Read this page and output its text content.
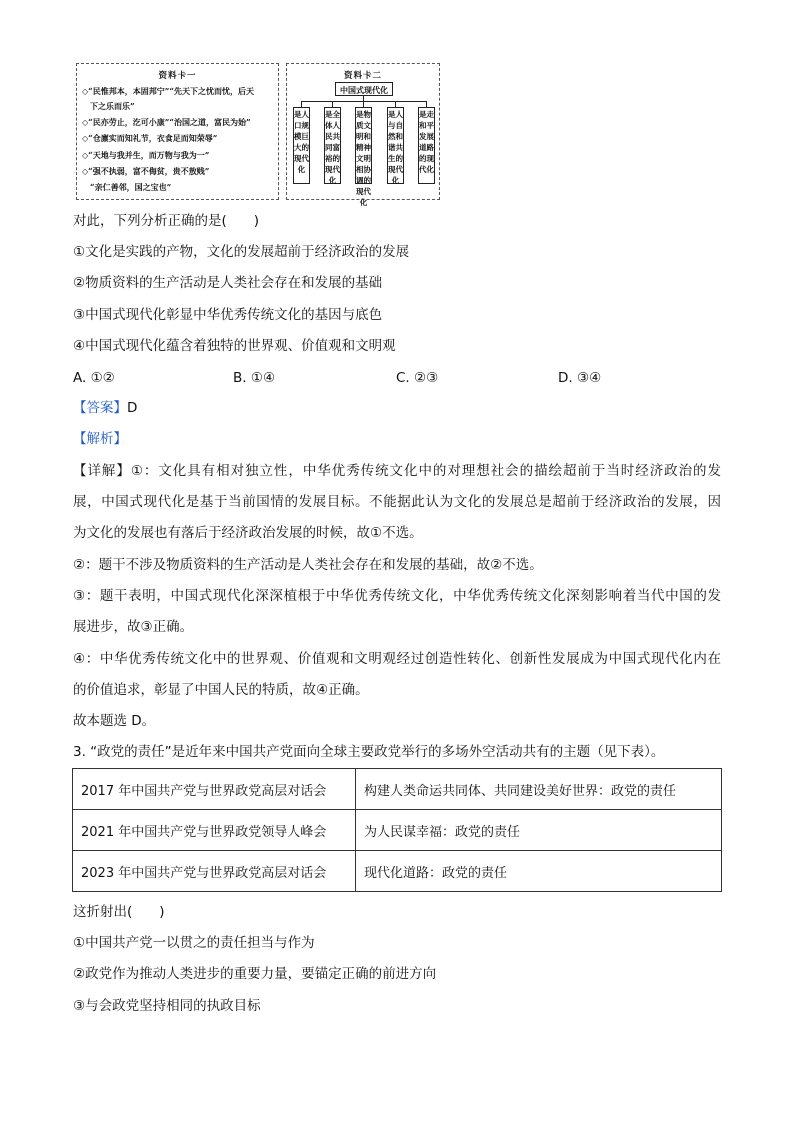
资料卡一
◇“民惟邦本，本固邦宁”“先天下之忧而忧，后天
下之乐而乐”
◇“民亦劳止，汔可小康”“治国之道，富民为始”
◇“仓廪实而知礼节，衣食足而知荣辱”
◇“天地与我并生，而万物与我为一”
◇“强不执弱，富不侮贫，贵不敖贱”
“亲仁善邻，国之宝也”
资料卡二
中国式现代化
是人口规模巨大的现代化
是全体人民共同富裕的现代化
是物质文明和精神文明相协调的现代化
是人与自然和谐共生的现代化
是走和平发展道路的现代化
对此，下列分析正确的是(　　)
①文化是实践的产物，文化的发展超前于经济政治的发展
②物质资料的生产活动是人类社会存在和发展的基础
③中国式现代化彰显中华优秀传统文化的基因与底色
④中国式现代化蕴含着独特的世界观、价值观和文明观
A. ①②	B. ①④	C. ②③	D. ③④
【答案】D
【解析】
【详解】①：文化具有相对独立性，中华优秀传统文化中的对理想社会的描绘超前于当时经济政治的发
展，中国式现代化是基于当前国情的发展目标。不能据此认为文化的发展总是超前于经济政治的发展，因
为文化的发展也有落后于经济政治发展的时候，故①不选。
②：题干不涉及物质资料的生产活动是人类社会存在和发展的基础，故②不选。
③：题干表明，中国式现代化深深植根于中华优秀传统文化，中华优秀传统文化深刻影响着当代中国的发
展进步，故③正确。
④：中华优秀传统文化中的世界观、价值观和文明观经过创造性转化、创新性发展成为中国式现代化内在
的价值追求，彰显了中国人民的特质，故④正确。
故本题选 D。
3. “政党的责任”是近年来中国共产党面向全球主要政党举行的多场外空活动共有的主题（见下表）。
2017 年中国共产党与世界政党高层对话会	构建人类命运共同体、共同建设美好世界：政党的责任
2021 年中国共产党与世界政党领导人峰会	为人民谋幸福：政党的责任
2023 年中国共产党与世界政党高层对话会	现代化道路：政党的责任
这折射出(　　)
①中国共产党一以贯之的责任担当与作为
②政党作为推动人类进步的重要力量，要锚定正确的前进方向
③与会政党坚持相同的执政目标
